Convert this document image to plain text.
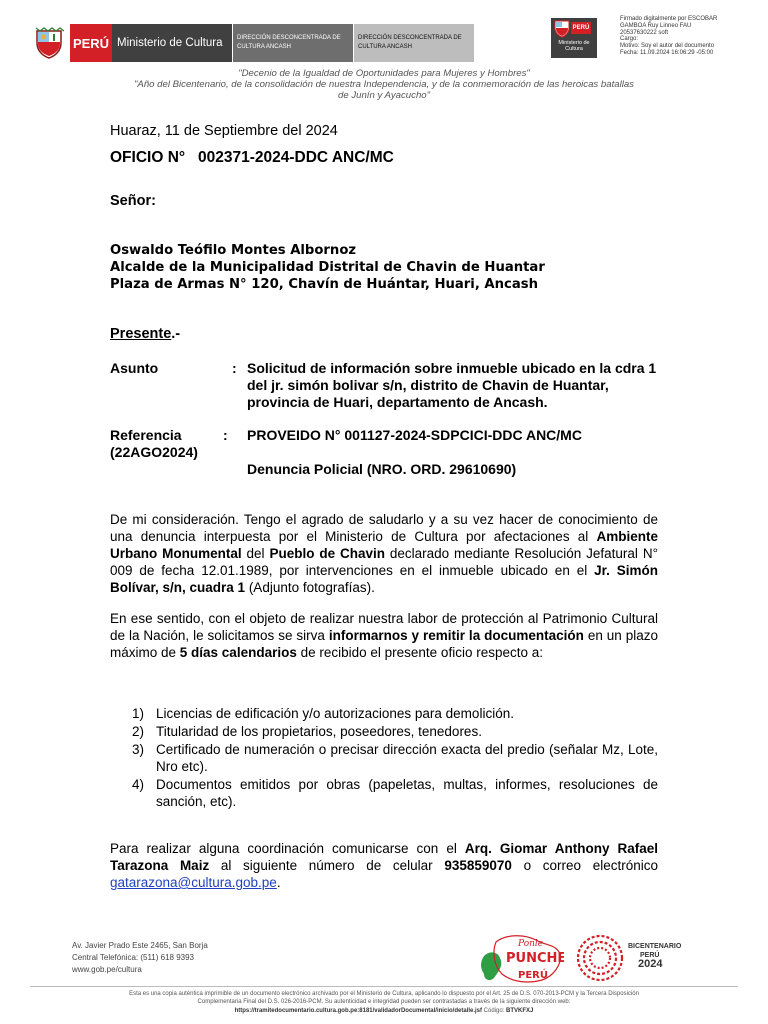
PERÚ Ministerio de Cultura	DIRECCIÓN DESCONCENTRADA DE CULTURA ANCASH
DIRECCIÓN DESCONCENTRADA DE CULTURA ANCASH
PERÚ
Ministerio de Cultura
Firmado digitalmente por ESCOBAR
GAMBOA Ruy Linneo FAU
20537630222 soft
Cargo:
Motivo: Soy el autor del documento
Fecha: 11.09.2024 16:06:29 -05:00
"Decenio de la Igualdad de Oportunidades para Mujeres y Hombres"
"Año del Bicentenario, de la consolidación de nuestra Independencia, y de la conmemoración de las heroicas batallas
de Junín y Ayacucho"
Huaraz, 11 de Septiembre del 2024
OFICIO N°   002371-2024-DDC ANC/MC
Señor:
Oswaldo Teófilo Montes Albornoz
Alcalde de la Municipalidad Distrital de Chavin de Huantar
Plaza de Armas N° 120, Chavín de Huántar, Huari, Ancash
Presente.-
Asunto	: Solicitud de información sobre inmueble ubicado en la cdra 1 del jr. simón bolivar s/n, distrito de Chavin de Huantar, provincia de Huari, departamento de Ancash.
Referencia
(22AGO2024)
: PROVEIDO N° 001127-2024-SDPCICI-DDC ANC/MC
Denuncia Policial (NRO. ORD. 29610690)
De mi consideración. Tengo el agrado de saludarlo y a su vez hacer de conocimiento de una denuncia interpuesta por el Ministerio de Cultura por afectaciones al Ambiente Urbano Monumental del Pueblo de Chavin declarado mediante Resolución Jefatural N° 009 de fecha 12.01.1989, por intervenciones en el inmueble ubicado en el Jr. Simón Bolívar, s/n, cuadra 1 (Adjunto fotografías).
En ese sentido, con el objeto de realizar nuestra labor de protección al Patrimonio Cultural de la Nación, le solicitamos se sirva informarnos y remitir la documentación en un plazo máximo de 5 días calendarios de recibido el presente oficio respecto a:
1) Licencias de edificación y/o autorizaciones para demolición.
2) Titularidad de los propietarios, poseedores, tenedores.
3) Certificado de numeración o precisar dirección exacta del predio (señalar Mz, Lote, Nro etc).
4) Documentos emitidos por obras (papeletas, multas, informes, resoluciones de sanción, etc).
Para realizar alguna coordinación comunicarse con el Arq. Giomar Anthony Rafael Tarazona Maiz al siguiente número de celular 935859070 o correo electrónico gatarazona@cultura.gob.pe.
Av. Javier Prado Este 2465, San Borja
Central Telefónica: (511) 618 9393
www.gob.pe/cultura
Ponle
PUNCHE
PERÚ
BICENTENARIO
PERÚ
2024
Esta es una copia auténtica imprimible de un documento electrónico archivado por el Ministerio de Cultura, aplicando lo dispuesto por el Art. 25 de D.S. 070-2013-PCM y la Tercera Disposición
Complementaria Final del D.S. 026-2016-PCM. Su autenticidad e integridad pueden ser contrastadas a través de la siguiente dirección web:
https://tramitedocumentario.cultura.gob.pe:8181/validadorDocumental/inicio/detalle.jsf Código: BTVKFXJ
